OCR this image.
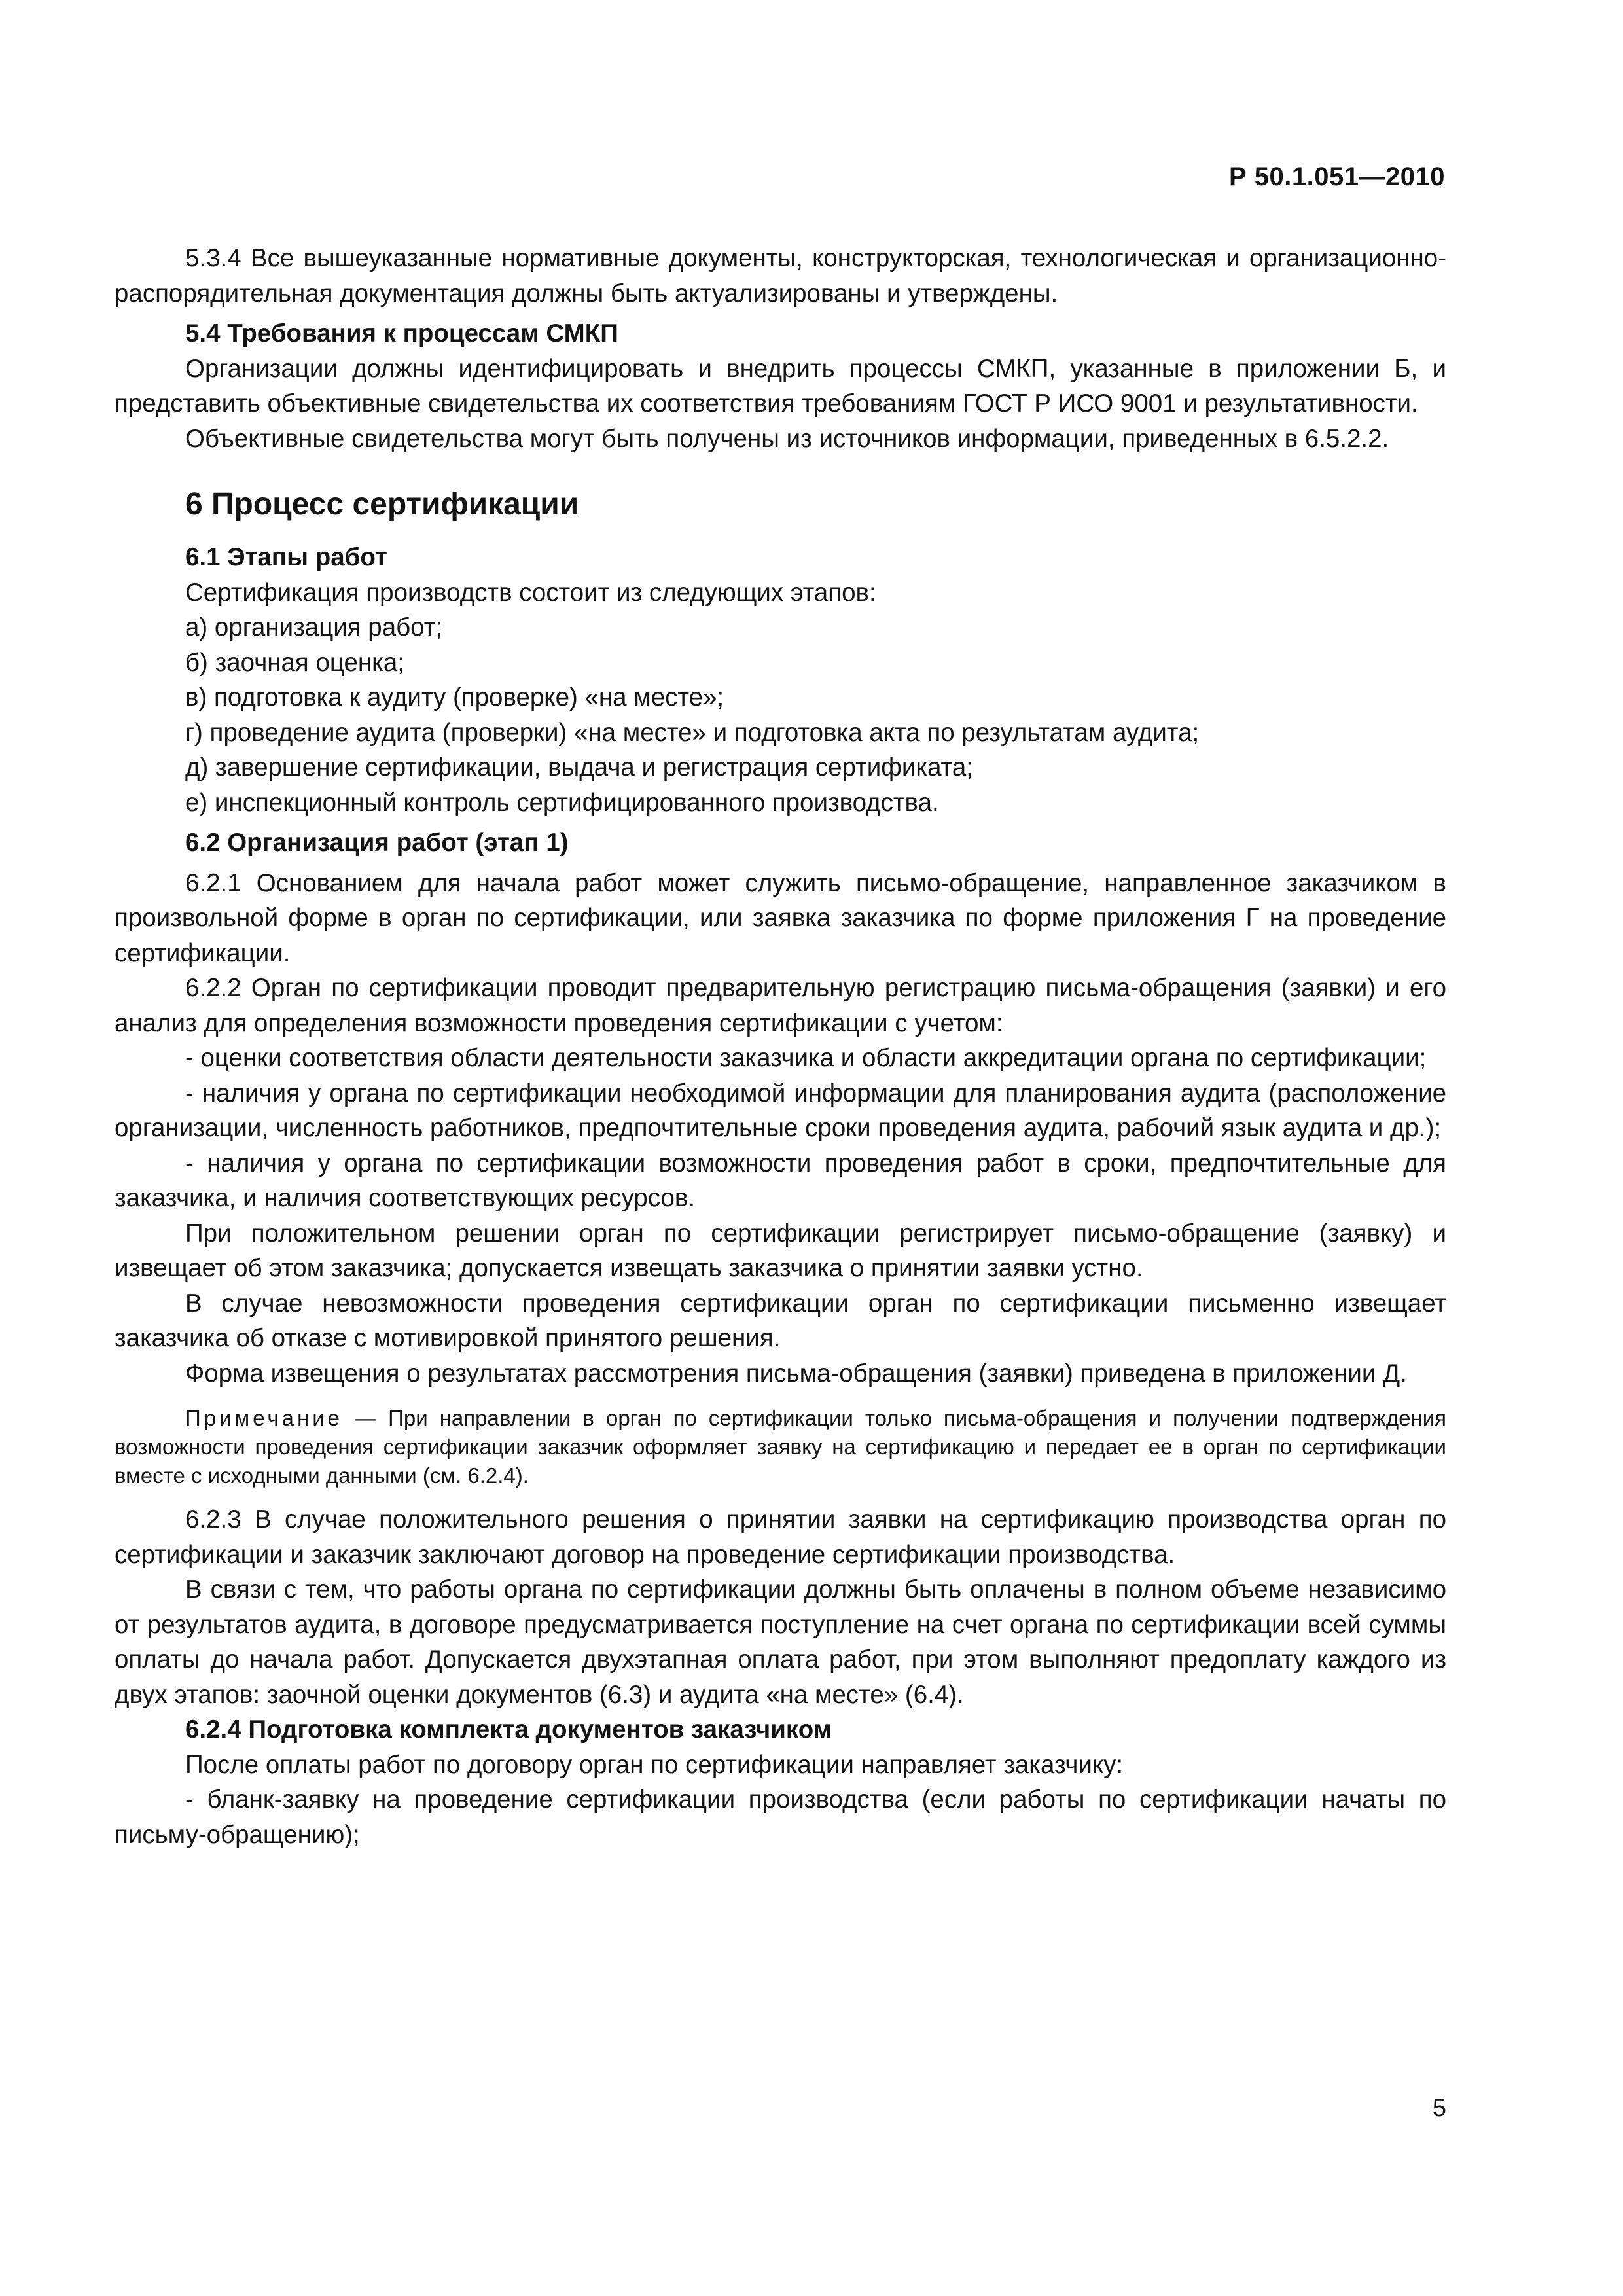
Р 50.1.051—2010

5.3.4 Все вышеуказанные нормативные документы, конструкторская, технологическая и организационно-распорядительная документация должны быть актуализированы и утверждены.

5.4 Требования к процессам СМКП

Организации должны идентифицировать и внедрить процессы СМКП, указанные в приложении Б, и представить объективные свидетельства их соответствия требованиям ГОСТ Р ИСО 9001 и результативности.

Объективные свидетельства могут быть получены из источников информации, приведенных в 6.5.2.2.

6 Процесс сертификации

6.1 Этапы работ

Сертификация производств состоит из следующих этапов:

а) организация работ;

б) заочная оценка;

в) подготовка к аудиту (проверке) «на месте»;

г) проведение аудита (проверки) «на месте» и подготовка акта по результатам аудита;

д) завершение сертификации, выдача и регистрация сертификата;

е) инспекционный контроль сертифицированного производства.

6.2 Организация работ (этап 1)

6.2.1 Основанием для начала работ может служить письмо-обращение, направленное заказчиком в произвольной форме в орган по сертификации, или заявка заказчика по форме приложения Г на проведение сертификации.

6.2.2 Орган по сертификации проводит предварительную регистрацию письма-обращения (заявки) и его анализ для определения возможности проведения сертификации с учетом:

- оценки соответствия области деятельности заказчика и области аккредитации органа по сертификации;

- наличия у органа по сертификации необходимой информации для планирования аудита (расположение организации, численность работников, предпочтительные сроки проведения аудита, рабочий язык аудита и др.);

- наличия у органа по сертификации возможности проведения работ в сроки, предпочтительные для заказчика, и наличия соответствующих ресурсов.

При положительном решении орган по сертификации регистрирует письмо-обращение (заявку) и извещает об этом заказчика; допускается извещать заказчика о принятии заявки устно.

В случае невозможности проведения сертификации орган по сертификации письменно извещает заказчика об отказе с мотивировкой принятого решения.

Форма извещения о результатах рассмотрения письма-обращения (заявки) приведена в приложении Д.

Примечание — При направлении в орган по сертификации только письма-обращения и получении подтверждения возможности проведения сертификации заказчик оформляет заявку на сертификацию и передает ее в орган по сертификации вместе с исходными данными (см. 6.2.4).

6.2.3 В случае положительного решения о принятии заявки на сертификацию производства орган по сертификации и заказчик заключают договор на проведение сертификации производства.

В связи с тем, что работы органа по сертификации должны быть оплачены в полном объеме независимо от результатов аудита, в договоре предусматривается поступление на счет органа по сертификации всей суммы оплаты до начала работ. Допускается двухэтапная оплата работ, при этом выполняют предоплату каждого из двух этапов: заочной оценки документов (6.3) и аудита «на месте» (6.4).

6.2.4 Подготовка комплекта документов заказчиком

После оплаты работ по договору орган по сертификации направляет заказчику:

- бланк-заявку на проведение сертификации производства (если работы по сертификации начаты по письму-обращению);

5
